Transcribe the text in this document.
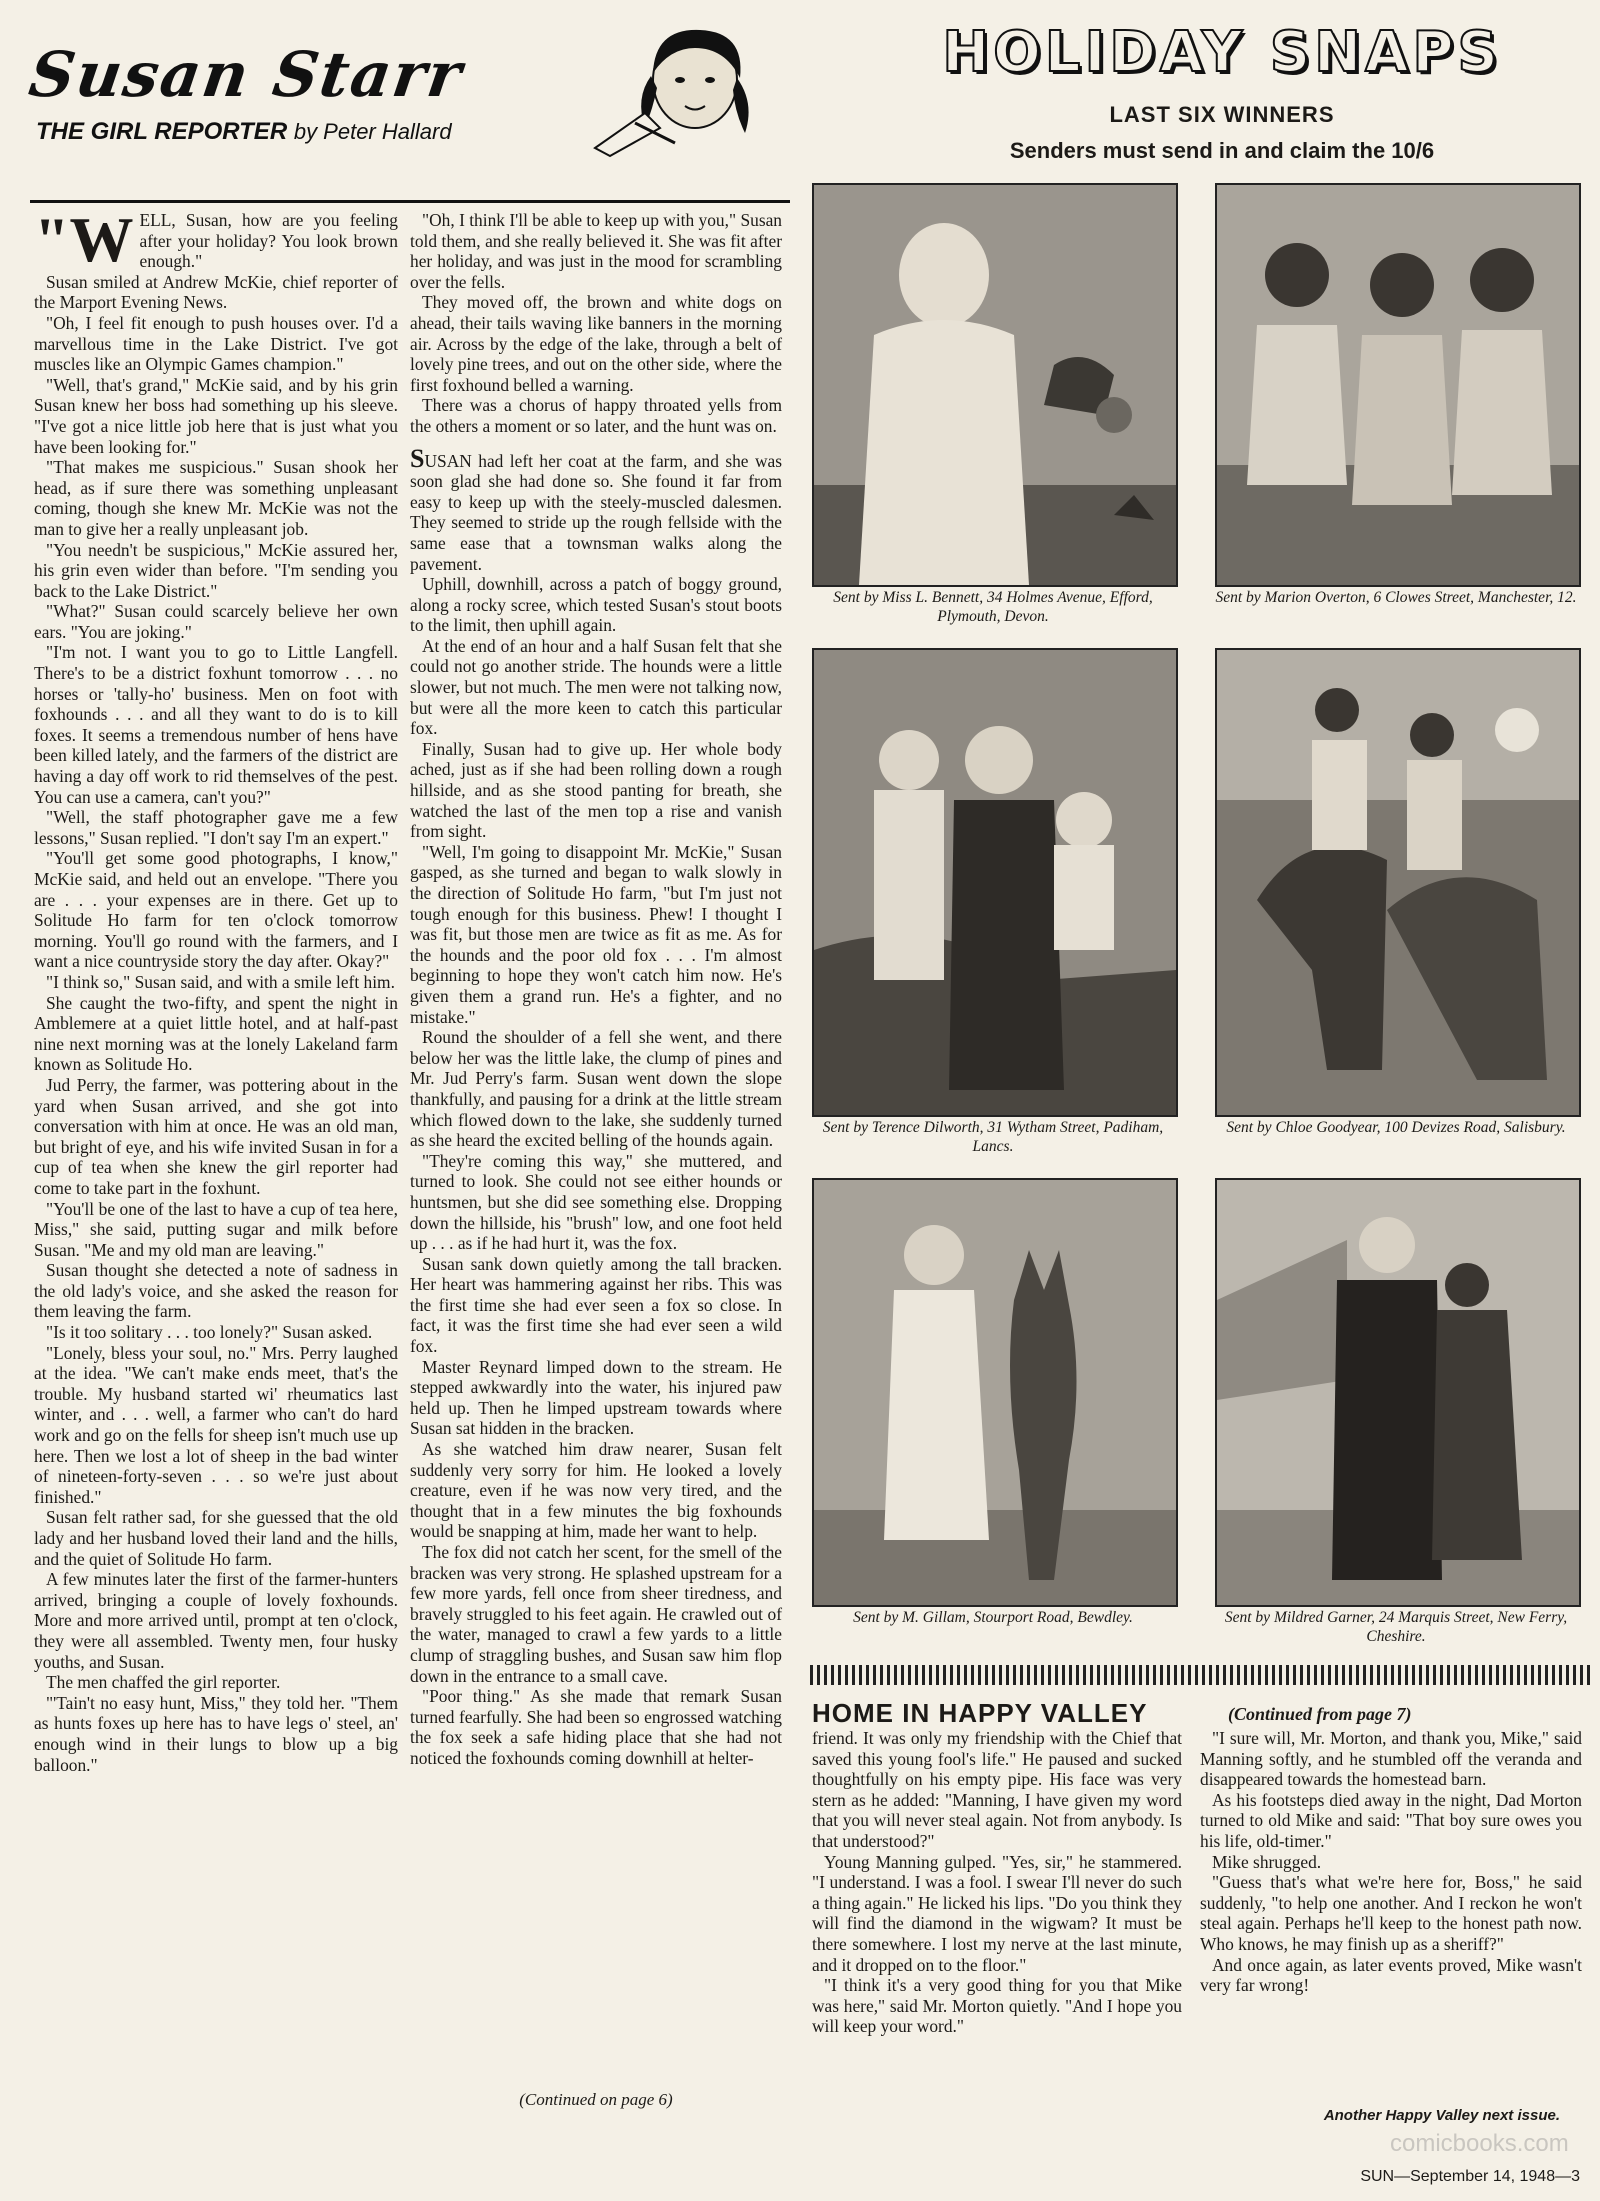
Susan Starr
THE GIRL REPORTER by Peter Hallard

"WELL, Susan, how are you feeling after your holiday? You look brown enough."

Susan smiled at Andrew McKie, chief reporter of the Marport Evening News.

"Oh, I feel fit enough to push houses over. I'd a marvellous time in the Lake District. I've got muscles like an Olympic Games champion."

"Well, that's grand," McKie said, and by his grin Susan knew her boss had something up his sleeve. "I've got a nice little job here that is just what you have been looking for."

"That makes me suspicious." Susan shook her head, as if sure there was something unpleasant coming, though she knew Mr. McKie was not the man to give her a really unpleasant job.

"You needn't be suspicious," McKie assured her, his grin even wider than before. "I'm sending you back to the Lake District."

"What?" Susan could scarcely believe her own ears. "You are joking."

"I'm not. I want you to go to Little Langfell. There's to be a district foxhunt tomorrow . . . no horses or 'tally-ho' business. Men on foot with foxhounds . . . and all they want to do is to kill foxes. It seems a tremendous number of hens have been killed lately, and the farmers of the district are having a day off work to rid themselves of the pest. You can use a camera, can't you?"

"Well, the staff photographer gave me a few lessons," Susan replied. "I don't say I'm an expert."

"You'll get some good photographs, I know," McKie said, and held out an envelope. "There you are . . . your expenses are in there. Get up to Solitude Ho farm for ten o'clock tomorrow morning. You'll go round with the farmers, and I want a nice countryside story the day after. Okay?"

"I think so," Susan said, and with a smile left him.

She caught the two-fifty, and spent the night in Amblemere at a quiet little hotel, and at half-past nine next morning was at the lonely Lakeland farm known as Solitude Ho.

Jud Perry, the farmer, was pottering about in the yard when Susan arrived, and she got into conversation with him at once. He was an old man, but bright of eye, and his wife invited Susan in for a cup of tea when she knew the girl reporter had come to take part in the foxhunt.

"You'll be one of the last to have a cup of tea here, Miss," she said, putting sugar and milk before Susan. "Me and my old man are leaving."

Susan thought she detected a note of sadness in the old lady's voice, and she asked the reason for them leaving the farm.

"Is it too solitary . . . too lonely?" Susan asked.

"Lonely, bless your soul, no." Mrs. Perry laughed at the idea. "We can't make ends meet, that's the trouble. My husband started wi' rheumatics last winter, and . . . well, a farmer who can't do hard work and go on the fells for sheep isn't much use up here. Then we lost a lot of sheep in the bad winter of nineteen-forty-seven . . . so we're just about finished."

Susan felt rather sad, for she guessed that the old lady and her husband loved their land and the hills, and the quiet of Solitude Ho farm.

A few minutes later the first of the farmer-hunters arrived, bringing a couple of lovely foxhounds. More and more arrived until, prompt at ten o'clock, they were all assembled. Twenty men, four husky youths, and Susan.

The men chaffed the girl reporter.

"'Tain't no easy hunt, Miss," they told her. "Them as hunts foxes up here has to have legs o' steel, an' enough wind in their lungs to blow up a big balloon."

"Oh, I think I'll be able to keep up with you," Susan told them, and she really believed it. She was fit after her holiday, and was just in the mood for scrambling over the fells.

They moved off, the brown and white dogs on ahead, their tails waving like banners in the morning air. Across by the edge of the lake, through a belt of lovely pine trees, and out on the other side, where the first foxhound belled a warning.

There was a chorus of happy throated yells from the others a moment or so later, and the hunt was on.

SUSAN had left her coat at the farm, and she was soon glad she had done so. She found it far from easy to keep up with the steely-muscled dalesmen. They seemed to stride up the rough fellside with the same ease that a townsman walks along the pavement.

Uphill, downhill, across a patch of boggy ground, along a rocky scree, which tested Susan's stout boots to the limit, then uphill again.

At the end of an hour and a half Susan felt that she could not go another stride. The hounds were a little slower, but not much. The men were not talking now, but were all the more keen to catch this particular fox.

Finally, Susan had to give up. Her whole body ached, just as if she had been rolling down a rough hillside, and as she stood panting for breath, she watched the last of the men top a rise and vanish from sight.

"Well, I'm going to disappoint Mr. McKie," Susan gasped, as she turned and began to walk slowly in the direction of Solitude Ho farm, "but I'm just not tough enough for this business. Phew! I thought I was fit, but those men are twice as fit as me. As for the hounds and the poor old fox . . . I'm almost beginning to hope they won't catch him now. He's given them a grand run. He's a fighter, and no mistake."

Round the shoulder of a fell she went, and there below her was the little lake, the clump of pines and Mr. Jud Perry's farm. Susan went down the slope thankfully, and pausing for a drink at the little stream which flowed down to the lake, she suddenly turned as she heard the excited belling of the hounds again.

"They're coming this way," she muttered, and turned to look. She could not see either hounds or huntsmen, but she did see something else. Dropping down the hillside, his "brush" low, and one foot held up . . . as if he had hurt it, was the fox.

Susan sank down quietly among the tall bracken. Her heart was hammering against her ribs. This was the first time she had ever seen a fox so close. In fact, it was the first time she had ever seen a wild fox.

Master Reynard limped down to the stream. He stepped awkwardly into the water, his injured paw held up. Then he limped upstream towards where Susan sat hidden in the bracken.

As she watched him draw nearer, Susan felt suddenly very sorry for him. He looked a lovely creature, even if he was now very tired, and the thought that in a few minutes the big foxhounds would be snapping at him, made her want to help.

The fox did not catch her scent, for the smell of the bracken was very strong. He splashed upstream for a few more yards, fell once from sheer tiredness, and bravely struggled to his feet again. He crawled out of the water, managed to crawl a few yards to a little clump of straggling bushes, and Susan saw him flop down in the entrance to a small cave.

"Poor thing." As she made that remark Susan turned fearfully. She had been so engrossed watching the fox seek a safe hiding place that she had not noticed the foxhounds coming downhill at helter-

(Continued on page 6)
HOLIDAY SNAPS
LAST SIX WINNERS
Senders must send in and claim the 10/6
Sent by Miss L. Bennett, 34 Holmes Avenue, Efford, Plymouth, Devon.
Sent by Marion Overton, 6 Clowes Street, Manchester, 12.
Sent by Terence Dilworth, 31 Wytham Street, Padiham, Lancs.
Sent by Chloe Goodyear, 100 Devizes Road, Salisbury.
Sent by M. Gillam, Stourport Road, Bewdley.	Sent by Mildred Garner, 24 Marquis Street, New Ferry, Cheshire.
HOME IN HAPPY VALLEY	(Continued from page 7)

friend. It was only my friendship with the Chief that saved this young fool's life." He paused and sucked thoughtfully on his empty pipe. His face was very stern as he added: "Manning, I have given my word that you will never steal again. Not from anybody. Is that understood?"

Young Manning gulped. "Yes, sir," he stammered. "I understand. I was a fool. I swear I'll never do such a thing again." He licked his lips. "Do you think they will find the diamond in the wigwam? It must be there somewhere. I lost my nerve at the last minute, and it dropped on to the floor."

"I think it's a very good thing for you that Mike was here," said Mr. Morton quietly. "And I hope you will keep your word."

"I sure will, Mr. Morton, and thank you, Mike," said Manning softly, and he stumbled off the veranda and disappeared towards the homestead barn.

As his footsteps died away in the night, Dad Morton turned to old Mike and said: "That boy sure owes you his life, old-timer."

Mike shrugged.

"Guess that's what we're here for, Boss," he said suddenly, "to help one another. And I reckon he won't steal again. Perhaps he'll keep to the honest path now. Who knows, he may finish up as a sheriff?"

And once again, as later events proved, Mike wasn't very far wrong!

Another Happy Valley next issue.
comicbooks.com
SUN—September 14, 1948—3
